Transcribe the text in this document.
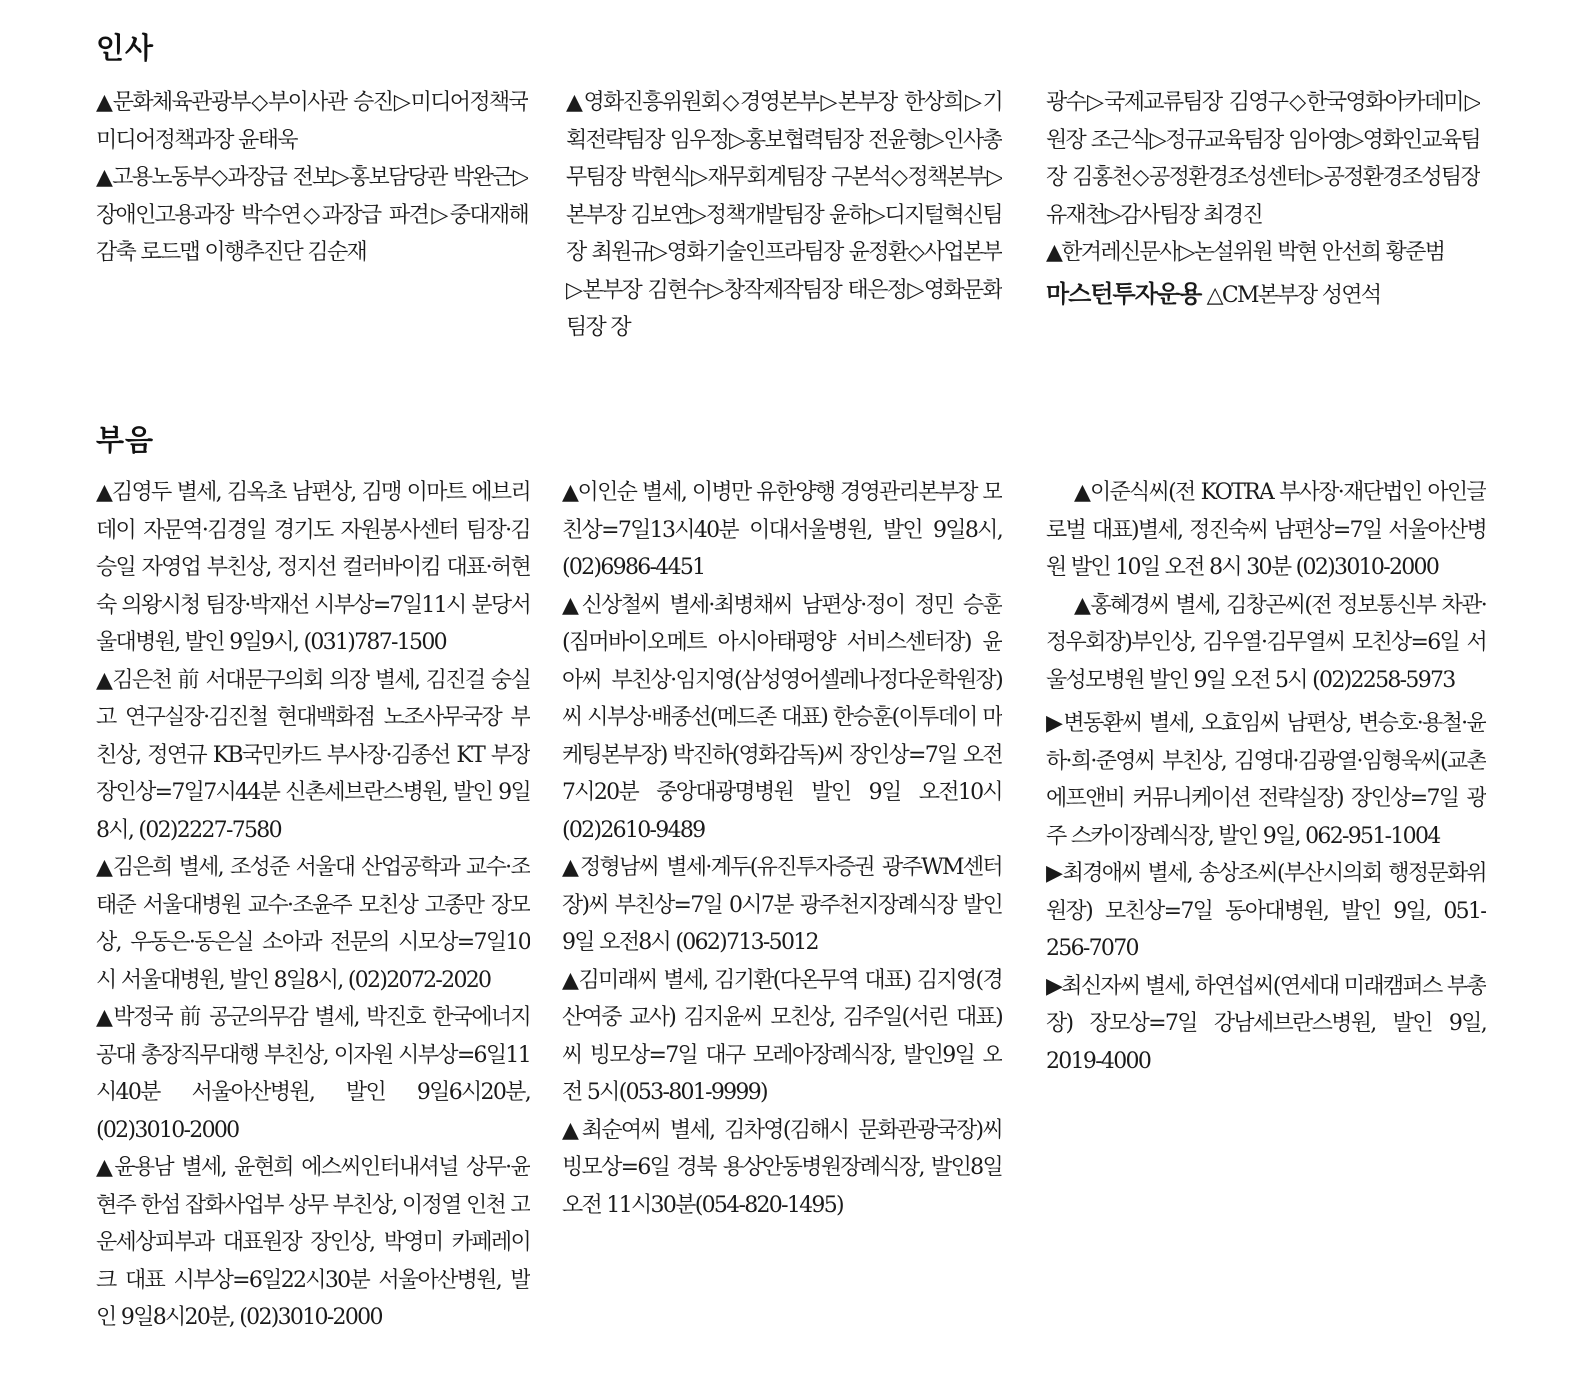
인사

▲문화체육관광부◇부이사관 승진▷미디어정책국 미디어정책과장 윤태욱

▲고용노동부◇과장급 전보▷홍보담당관 박완근▷장애인고용과장 박수연◇과장급 파견▷중대재해 감축 로드맵 이행추진단 김순재

▲영화진흥위원회◇경영본부▷본부장 한상희▷기획전략팀장 임우정▷홍보협력팀장 전윤형▷인사총무팀장 박현식▷재무회계팀장 구본석◇정책본부▷본부장 김보연▷정책개발팀장 윤하▷디지털혁신팀장 최원규▷영화기술인프라팀장 윤정환◇사업본부▷본부장 김현수▷창작제작팀장 태은정▷영화문화팀장 장

광수▷국제교류팀장 김영구◇한국영화아카데미▷원장 조근식▷정규교육팀장 임아영▷영화인교육팀장 김홍천◇공정환경조성센터▷공정환경조성팀장 유재천▷감사팀장 최경진

▲한겨레신문사▷논설위원 박현 안선희 황준범

마스턴투자운용 △CM본부장 성연석

부음

▲김영두 별세, 김옥초 남편상, 김맹 이마트 에브리데이 자문역·김경일 경기도 자원봉사센터 팀장·김승일 자영업 부친상, 정지선 컬러바이킴 대표·허현숙 의왕시청 팀장·박재선 시부상=7일11시 분당서울대병원, 발인 9일9시, (031)787-1500

▲김은천 前 서대문구의회 의장 별세, 김진걸 숭실고 연구실장·김진철 현대백화점 노조사무국장 부친상, 정연규 KB국민카드 부사장·김종선 KT 부장 장인상=7일7시44분 신촌세브란스병원, 발인 9일8시, (02)2227-7580

▲김은희 별세, 조성준 서울대 산업공학과 교수·조태준 서울대병원 교수·조윤주 모친상 고종만 장모상, 우동은·동은실 소아과 전문의 시모상=7일10시 서울대병원, 발인 8일8시, (02)2072-2020

▲박정국 前 공군의무감 별세, 박진호 한국에너지공대 총장직무대행 부친상, 이자원 시부상=6일11시40분 서울아산병원, 발인 9일6시20분, (02)3010-2000

▲윤용남 별세, 윤현희 에스씨인터내셔널 상무·윤현주 한섬 잡화사업부 상무 부친상, 이정열 인천 고운세상피부과 대표원장 장인상, 박영미 카페레이크 대표 시부상=6일22시30분 서울아산병원, 발인 9일8시20분, (02)3010-2000

▲이인순 별세, 이병만 유한양행 경영관리본부장 모친상=7일13시40분 이대서울병원, 발인 9일8시, (02)6986-4451

▲신상철씨 별세·최병채씨 남편상·정이 정민 승훈(짐머바이오메트 아시아태평양 서비스센터장) 윤아씨 부친상·임지영(삼성영어셀레나정다운학원장)씨 시부상·배종선(메드존 대표) 한승훈(이투데이 마케팅본부장) 박진하(영화감독)씨 장인상=7일 오전7시20분 중앙대광명병원 발인 9일 오전10시 (02)2610-9489

▲정형남씨 별세·계두(유진투자증권 광주WM센터장)씨 부친상=7일 0시7분 광주천지장례식장 발인 9일 오전8시 (062)713-5012

▲김미래씨 별세, 김기환(다온무역 대표) 김지영(경산여중 교사) 김지윤씨 모친상, 김주일(서린 대표)씨 빙모상=7일 대구 모레아장례식장, 발인9일 오전 5시(053-801-9999)

▲최순여씨 별세, 김차영(김해시 문화관광국장)씨 빙모상=6일 경북 용상안동병원장례식장, 발인8일 오전 11시30분(054-820-1495)

▲이준식씨(전 KOTRA 부사장·재단법인 아인글로벌 대표)별세, 정진숙씨 남편상=7일 서울아산병원 발인 10일 오전 8시 30분 (02)3010-2000

▲홍혜경씨 별세, 김창곤씨(전 정보통신부 차관·정우회장)부인상, 김우열·김무열씨 모친상=6일 서울성모병원 발인 9일 오전 5시 (02)2258-5973

▶변동환씨 별세, 오효임씨 남편상, 변승호·용철·윤하·희·준영씨 부친상, 김영대·김광열·임형욱씨(교촌에프앤비 커뮤니케이션 전략실장) 장인상=7일 광주 스카이장례식장, 발인 9일, 062-951-1004

▶최경애씨 별세, 송상조씨(부산시의회 행정문화위원장) 모친상=7일 동아대병원, 발인 9일, 051-256-7070

▶최신자씨 별세, 하연섭씨(연세대 미래캠퍼스 부총장) 장모상=7일 강남세브란스병원, 발인 9일, 2019-4000
